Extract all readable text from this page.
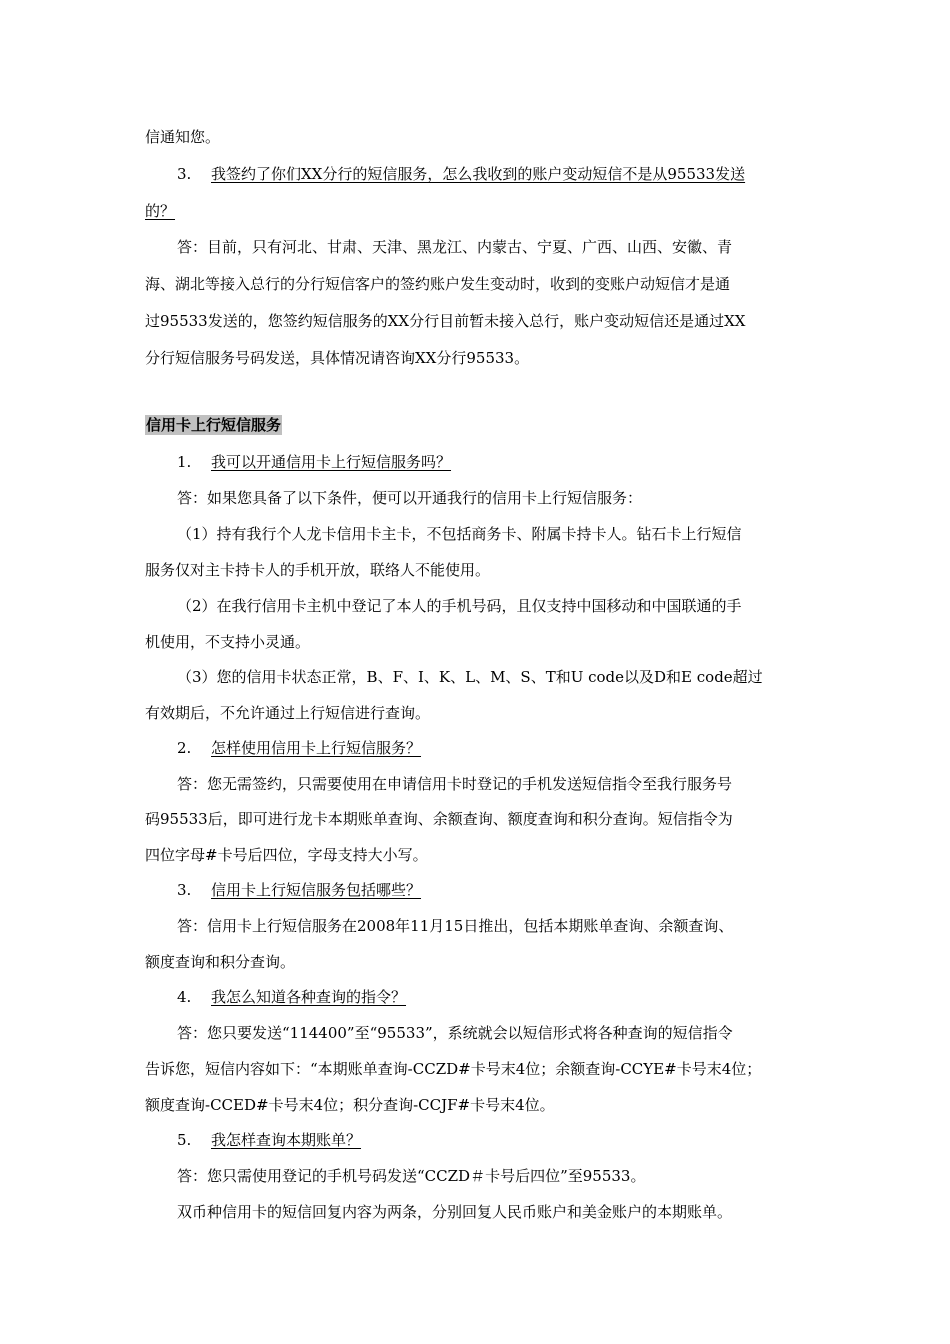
信通知您。
3. 我签约了你们XX分行的短信服务，怎么我收到的账户变动短信不是从95533发送
的？
答：目前，只有河北、甘肃、天津、黑龙江、内蒙古、宁夏、广西、山西、安徽、青
海、湖北等接入总行的分行短信客户的签约账户发生变动时，收到的变账户动短信才是通
过95533发送的，您签约短信服务的XX分行目前暂未接入总行，账户变动短信还是通过XX
分行短信服务号码发送，具体情况请咨询XX分行95533。
信用卡上行短信服务
1. 我可以开通信用卡上行短信服务吗？
答：如果您具备了以下条件，便可以开通我行的信用卡上行短信服务：
（1）持有我行个人龙卡信用卡主卡，不包括商务卡、附属卡持卡人。钻石卡上行短信
服务仅对主卡持卡人的手机开放，联络人不能使用。
（2）在我行信用卡主机中登记了本人的手机号码，且仅支持中国移动和中国联通的手
机使用，不支持小灵通。
（3）您的信用卡状态正常，B、F、I、K、L、M、S、T和U code以及D和E code超过
有效期后，不允许通过上行短信进行查询。
2. 怎样使用信用卡上行短信服务？
答：您无需签约，只需要使用在申请信用卡时登记的手机发送短信指令至我行服务号
码95533后，即可进行龙卡本期账单查询、余额查询、额度查询和积分查询。短信指令为
四位字母#卡号后四位，字母支持大小写。
3. 信用卡上行短信服务包括哪些？
答：信用卡上行短信服务在2008年11月15日推出，包括本期账单查询、余额查询、
额度查询和积分查询。
4. 我怎么知道各种查询的指令？
答：您只要发送“114400”至“95533”，系统就会以短信形式将各种查询的短信指令
告诉您，短信内容如下：“本期账单查询-CCZD#卡号末4位；余额查询-CCYE#卡号末4位；
额度查询-CCED#卡号末4位；积分查询-CCJF#卡号末4位。
5. 我怎样查询本期账单？
答：您只需使用登记的手机号码发送“CCZD＃卡号后四位”至95533。
双币种信用卡的短信回复内容为两条，分别回复人民币账户和美金账户的本期账单。
